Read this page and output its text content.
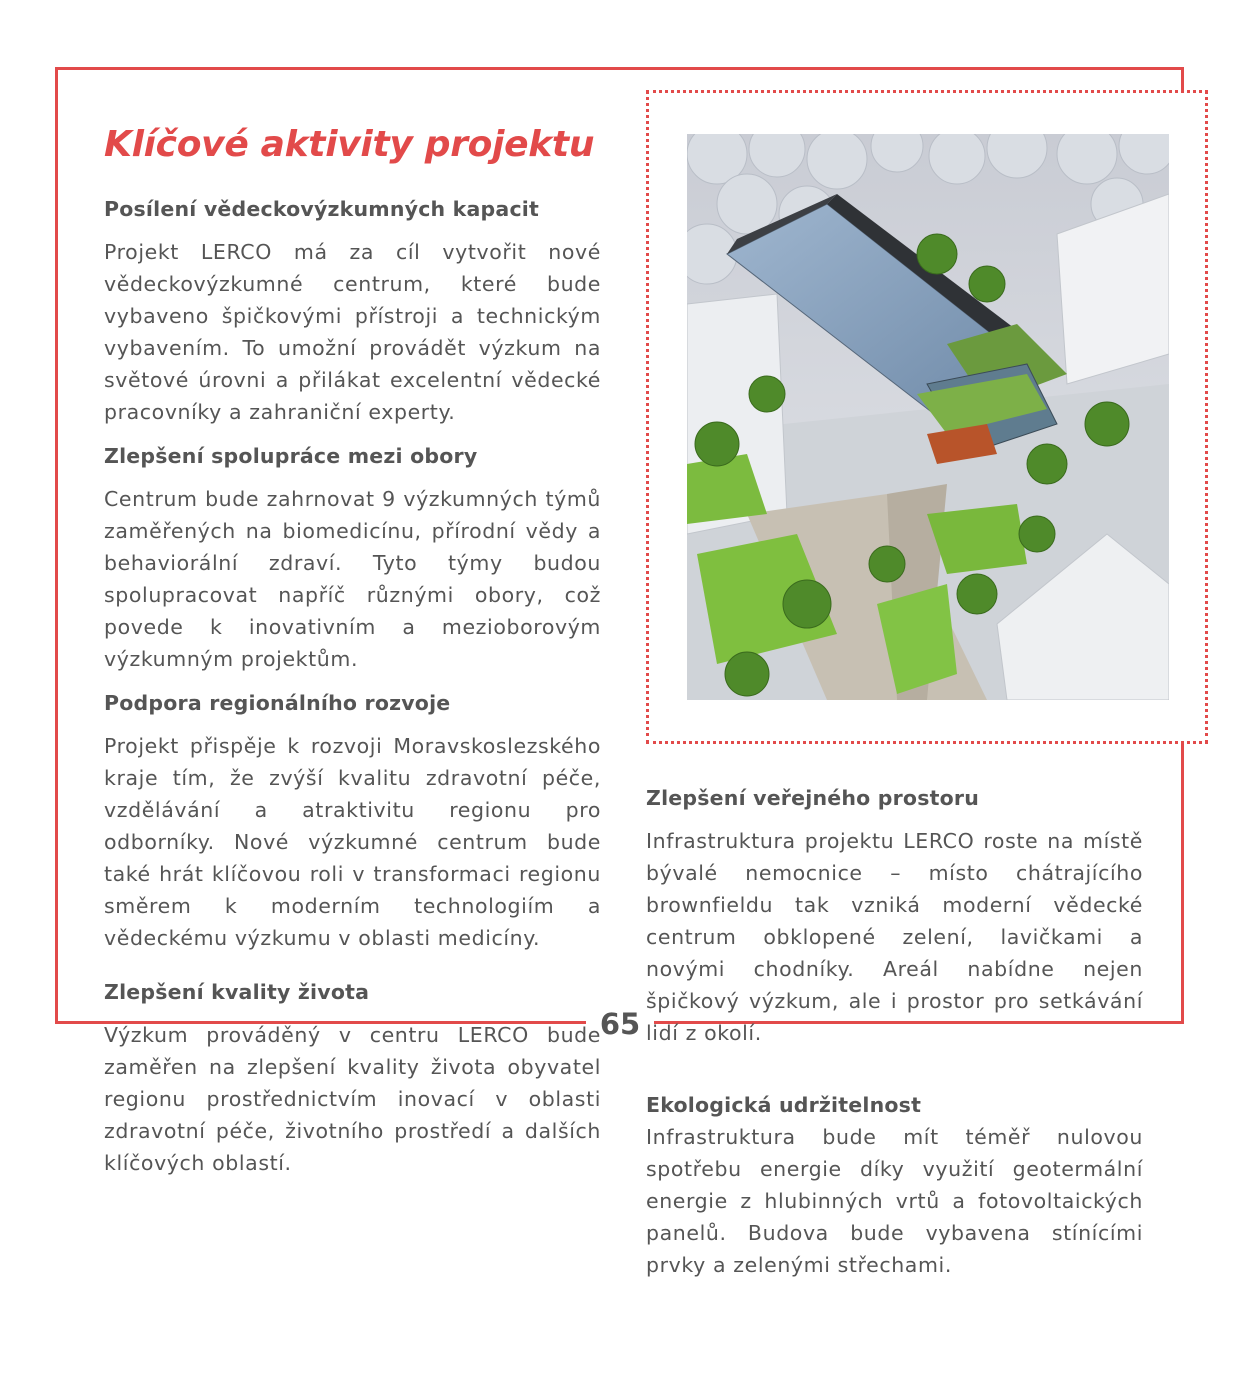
65
Klíčové aktivity projektu
Posílení vědeckovýzkumných kapacit

Projekt LERCO má za cíl vytvořit nové vědeckovýzkumné centrum, které bude vybaveno špičkovými přístroji a technickým vybavením. To umožní provádět výzkum na světové úrovni a přilákat excelentní vědecké pracovníky a zahraniční experty.

Zlepšení spolupráce mezi obory

Centrum bude zahrnovat 9 výzkumných týmů zaměřených na biomedicínu, přírodní vědy a behaviorální zdraví. Tyto týmy budou spolupracovat napříč různými obory, což povede k inovativním a mezioborovým výzkumným projektům.

Podpora regionálního rozvoje

Projekt přispěje k rozvoji Moravskoslezského kraje tím, že zvýší kvalitu zdravotní péče, vzdělávání a atraktivitu regionu pro odborníky. Nové výzkumné centrum bude také hrát klíčovou roli v transformaci regionu směrem k moderním technologiím a vědeckému výzkumu v oblasti medicíny.

Zlepšení kvality života

Výzkum prováděný v centru LERCO bude zaměřen na zlepšení kvality života obyvatel regionu prostřednictvím inovací v oblasti zdravotní péče, životního prostředí a dalších klíčových oblastí.

Zlepšení veřejného prostoru

Infrastruktura projektu LERCO roste na místě bývalé nemocnice – místo chátrajícího brownfieldu tak vzniká moderní vědecké centrum obklopené zelení, lavičkami a novými chodníky. Areál nabídne nejen špičkový výzkum, ale i prostor pro setkávání lidí z okolí.

Ekologická udržitelnost

Infrastruktura bude mít téměř nulovou spotřebu energie díky využití geotermální energie z hlubinných vrtů a fotovoltaických panelů. Budova bude vybavena stínícími prvky a zelenými střechami.
